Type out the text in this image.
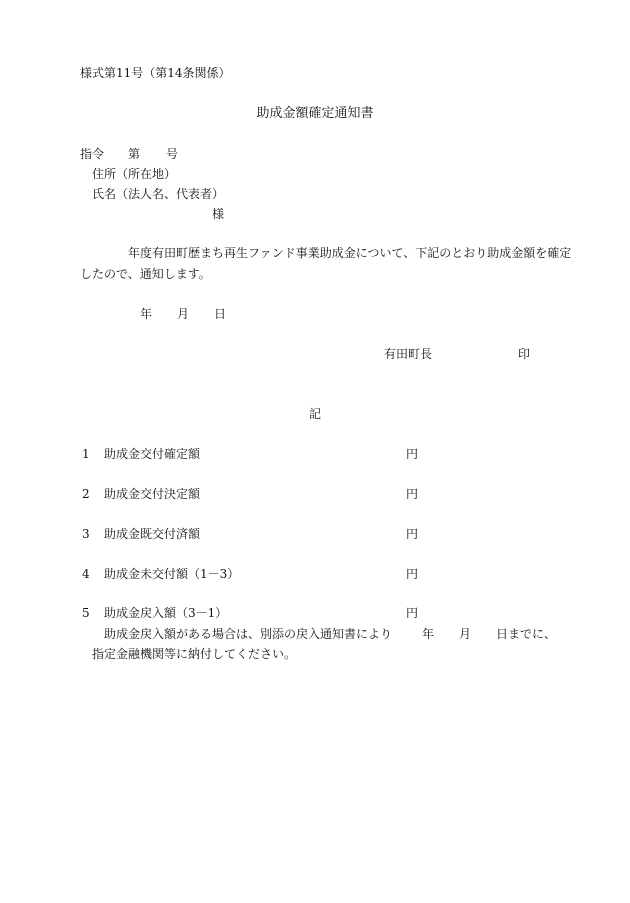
様式第11号（第14条関係）
助成金額確定通知書
指令 第 号
住所（所在地）
氏名（法人名、代表者）
様
年度有田町歴まち再生ファンド事業助成金について、下記のとおり助成金額を確定
したので、通知します。
年 月 日
有田町長	印
記
1 助成金交付確定額	円
2 助成金交付決定額	円
3 助成金既交付済額	円
4 助成金未交付額（1－3）	円
5 助成金戻入額（3－1）	円
助成金戻入額がある場合は、別添の戻入通知書により 年 月 日までに、
指定金融機関等に納付してください。
